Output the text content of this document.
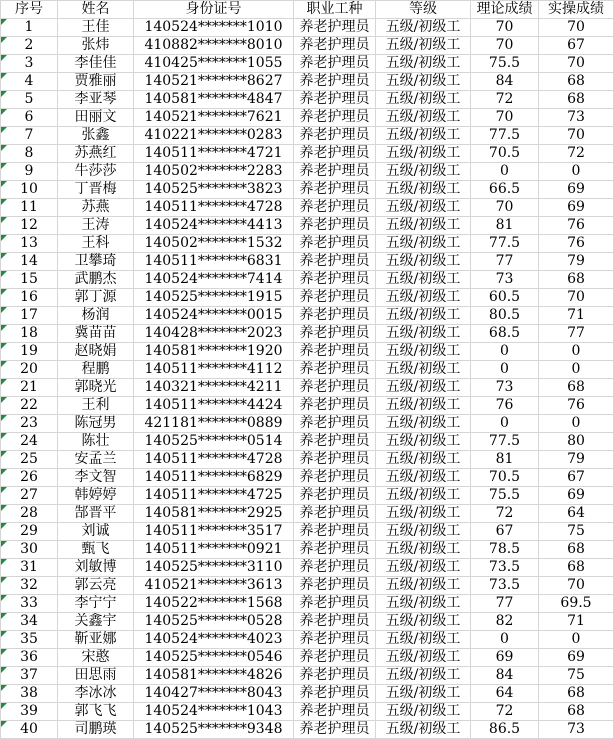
序号	姓名	身份证号	职业工种	等级	理论成绩	实操成绩

1	王佳	140524*******1010	养老护理员	五级/初级工	70	70

2	张炜	410882*******8010	养老护理员	五级/初级工	70	67

3	李佳佳	410425*******1055	养老护理员	五级/初级工	75.5	70

4	贾雅丽	140521*******8627	养老护理员	五级/初级工	84	68

5	李亚琴	140581*******4847	养老护理员	五级/初级工	72	68

6	田丽文	140521*******7621	养老护理员	五级/初级工	70	73

7	张鑫	410221*******0283	养老护理员	五级/初级工	77.5	70

8	苏燕红	140511*******4721	养老护理员	五级/初级工	70.5	72

9	牛莎莎	140502*******2283	养老护理员	五级/初级工	0	0

10	丁晋梅	140525*******3823	养老护理员	五级/初级工	66.5	69

11	苏燕	140511*******4728	养老护理员	五级/初级工	70	69

12	王涛	140524*******4413	养老护理员	五级/初级工	81	76

13	王科	140502*******1532	养老护理员	五级/初级工	77.5	76

14	卫攀琦	140511*******6831	养老护理员	五级/初级工	77	79

15	武鹏杰	140524*******7414	养老护理员	五级/初级工	73	68

16	郭丁源	140525*******1915	养老护理员	五级/初级工	60.5	70

17	杨润	140524*******0015	养老护理员	五级/初级工	80.5	71

18	冀苗苗	140428*******2023	养老护理员	五级/初级工	68.5	77

19	赵晓娟	140581*******1920	养老护理员	五级/初级工	0	0

20	程鹏	140511*******4112	养老护理员	五级/初级工	0	0

21	郭晓光	140321*******4211	养老护理员	五级/初级工	73	68

22	王利	140511*******4424	养老护理员	五级/初级工	76	76

23	陈冠男	421181*******0889	养老护理员	五级/初级工	0	0

24	陈壮	140525*******0514	养老护理员	五级/初级工	77.5	80

25	安孟兰	140511*******4728	养老护理员	五级/初级工	81	79

26	李文智	140511*******6829	养老护理员	五级/初级工	70.5	67

27	韩婷婷	140511*******4725	养老护理员	五级/初级工	75.5	69

28	郜晋平	140581*******2925	养老护理员	五级/初级工	72	64

29	刘诚	140511*******3517	养老护理员	五级/初级工	67	75

30	甄飞	140511*******0921	养老护理员	五级/初级工	78.5	68

31	刘敏博	140525*******3110	养老护理员	五级/初级工	73.5	68

32	郭云亮	410521*******3613	养老护理员	五级/初级工	73.5	70

33	李宁宁	140522*******1568	养老护理员	五级/初级工	77	69.5

34	关鑫宇	140525*******0528	养老护理员	五级/初级工	82	71

35	靳亚娜	140524*******4023	养老护理员	五级/初级工	0	0

36	宋憨	140525*******0546	养老护理员	五级/初级工	69	69

37	田思雨	140581*******4826	养老护理员	五级/初级工	84	75

38	李冰冰	140427*******8043	养老护理员	五级/初级工	64	68

39	郭飞飞	140524*******1043	养老护理员	五级/初级工	72	68

40	司鹏瑛	140525*******9348	养老护理员	五级/初级工	86.5	73
